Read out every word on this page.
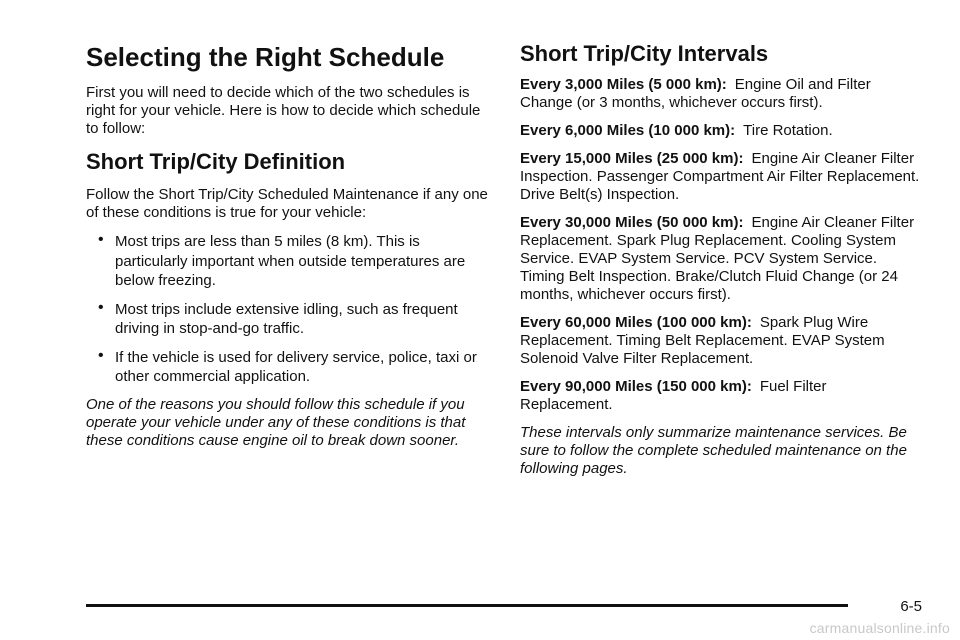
Selecting the Right Schedule

First you will need to decide which of the two schedules is right for your vehicle. Here is how to decide which schedule to follow:

Short Trip/City Definition

Follow the Short Trip/City Scheduled Maintenance if any one of these conditions is true for your vehicle:

• Most trips are less than 5 miles (8 km). This is particularly important when outside temperatures are below freezing.
• Most trips include extensive idling, such as frequent driving in stop-and-go traffic.
• If the vehicle is used for delivery service, police, taxi or other commercial application.

One of the reasons you should follow this schedule if you operate your vehicle under any of these conditions is that these conditions cause engine oil to break down sooner.

Short Trip/City Intervals
Every 3,000 Miles (5 000 km): Engine Oil and Filter Change (or 3 months, whichever occurs first).
Every 6,000 Miles (10 000 km): Tire Rotation.
Every 15,000 Miles (25 000 km): Engine Air Cleaner Filter Inspection. Passenger Compartment Air Filter Replacement. Drive Belt(s) Inspection.
Every 30,000 Miles (50 000 km): Engine Air Cleaner Filter Replacement. Spark Plug Replacement. Cooling System Service. EVAP System Service. PCV System Service. Timing Belt Inspection. Brake/Clutch Fluid Change (or 24 months, whichever occurs first).
Every 60,000 Miles (100 000 km): Spark Plug Wire Replacement. Timing Belt Replacement. EVAP System Solenoid Valve Filter Replacement.
Every 90,000 Miles (150 000 km): Fuel Filter Replacement.

These intervals only summarize maintenance services. Be sure to follow the complete scheduled maintenance on the following pages.

6-5
carmanualsonline.info
